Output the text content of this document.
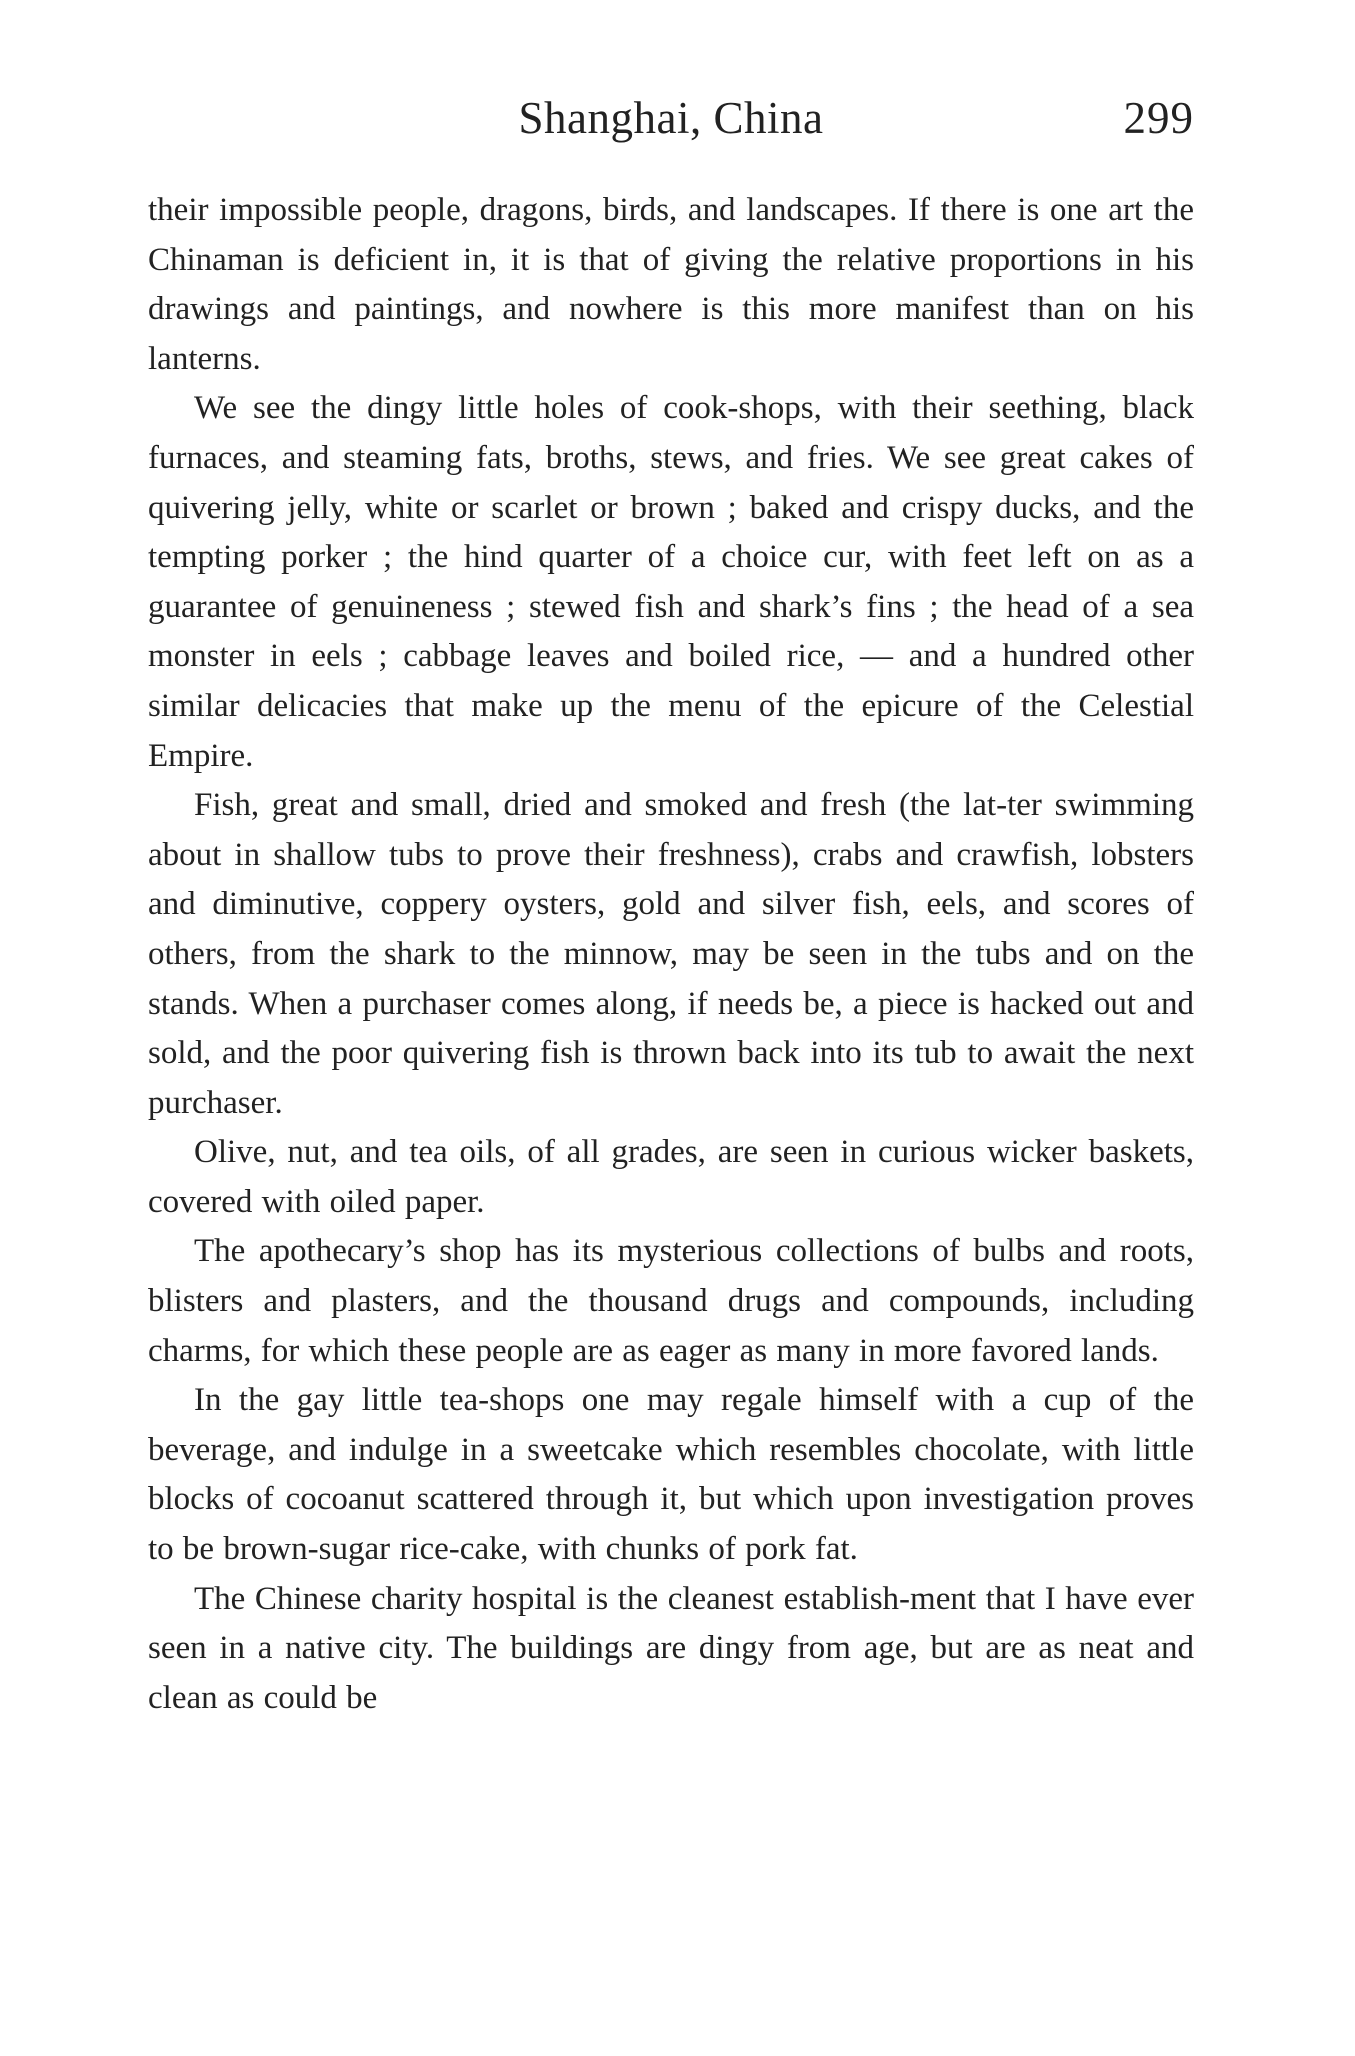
Shanghai, China	299

their impossible people, dragons, birds, and landscapes. If there is one art the Chinaman is deficient in, it is that of giving the relative proportions in his drawings and paintings, and nowhere is this more manifest than on his lanterns.

We see the dingy little holes of cook-shops, with their seething, black furnaces, and steaming fats, broths, stews, and fries. We see great cakes of quivering jelly, white or scarlet or brown ; baked and crispy ducks, and the tempting porker ; the hind quarter of a choice cur, with feet left on as a guarantee of genuineness ; stewed fish and shark’s fins ; the head of a sea monster in eels ; cabbage leaves and boiled rice, — and a hundred other similar delicacies that make up the menu of the epicure of the Celestial Empire.

Fish, great and small, dried and smoked and fresh (the lat-ter swimming about in shallow tubs to prove their freshness), crabs and crawfish, lobsters and diminutive, coppery oysters, gold and silver fish, eels, and scores of others, from the shark to the minnow, may be seen in the tubs and on the stands. When a purchaser comes along, if needs be, a piece is hacked out and sold, and the poor quivering fish is thrown back into its tub to await the next purchaser.

Olive, nut, and tea oils, of all grades, are seen in curious wicker baskets, covered with oiled paper.

The apothecary’s shop has its mysterious collections of bulbs and roots, blisters and plasters, and the thousand drugs and compounds, including charms, for which these people are as eager as many in more favored lands.

In the gay little tea-shops one may regale himself with a cup of the beverage, and indulge in a sweetcake which resembles chocolate, with little blocks of cocoanut scattered through it, but which upon investigation proves to be brown-sugar rice-cake, with chunks of pork fat.

The Chinese charity hospital is the cleanest establish-ment that I have ever seen in a native city. The buildings are dingy from age, but are as neat and clean as could be
